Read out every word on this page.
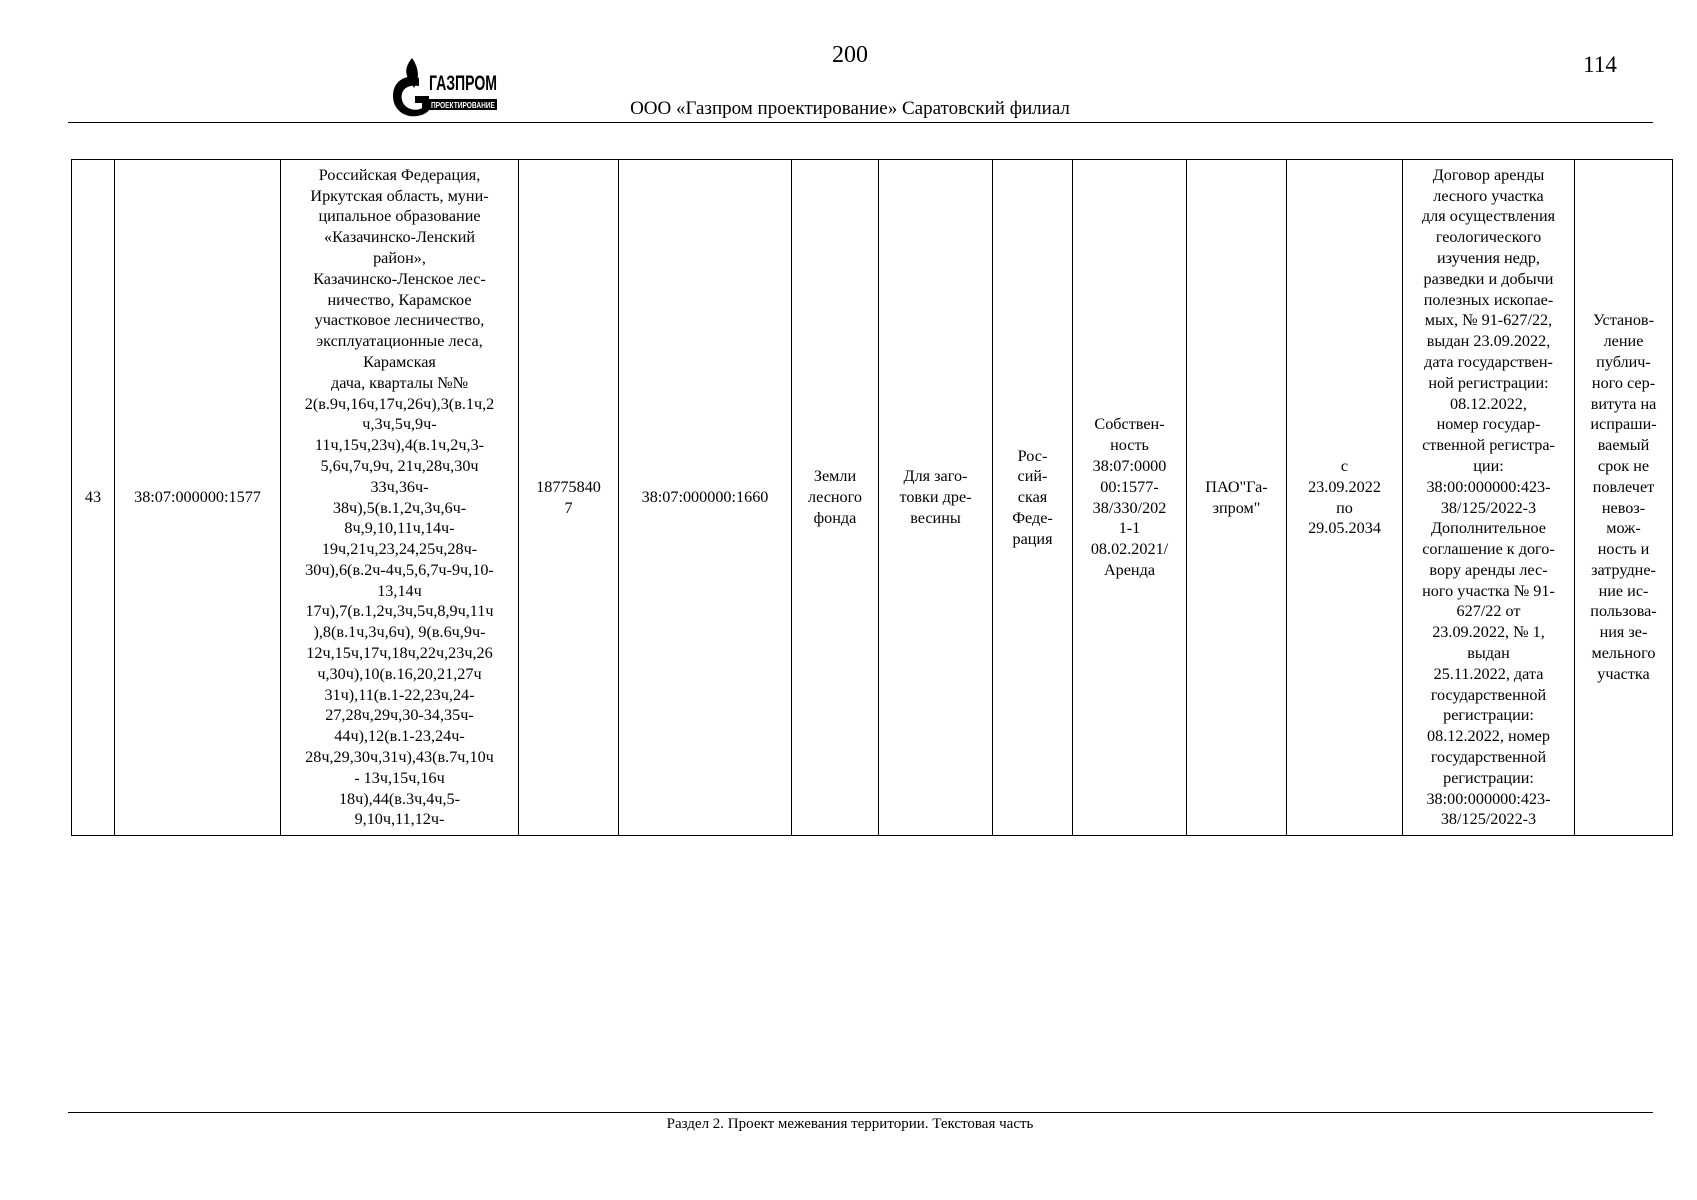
200	114
ГАЗПРОМ
ПРОЕКТИРОВАНИЕ	ООО «Газпром проектирование» Саратовский филиал
43	38:07:000000:1577	Российская Федерация,
Иркутская область, муни-
ципальное образование
«Казачинско-Ленский
район»,
Казачинско-Ленское лес-
ничество, Карамское
участковое лесничество,
эксплуатационные леса,
Карамская
дача, кварталы №№
2(в.9ч,16ч,17ч,26ч),3(в.1ч,2
ч,3ч,5ч,9ч-
11ч,15ч,23ч),4(в.1ч,2ч,3-
5,6ч,7ч,9ч, 21ч,28ч,30ч
33ч,36ч-
38ч),5(в.1,2ч,3ч,6ч-
8ч,9,10,11ч,14ч-
19ч,21ч,23,24,25ч,28ч-
30ч),6(в.2ч-4ч,5,6,7ч-9ч,10-
13,14ч
17ч),7(в.1,2ч,3ч,5ч,8,9ч,11ч
),8(в.1ч,3ч,6ч), 9(в.6ч,9ч-
12ч,15ч,17ч,18ч,22ч,23ч,26
ч,30ч),10(в.16,20,21,27ч
31ч),11(в.1-22,23ч,24-
27,28ч,29ч,30-34,35ч-
44ч),12(в.1-23,24ч-
28ч,29,30ч,31ч),43(в.7ч,10ч
- 13ч,15ч,16ч
18ч),44(в.3ч,4ч,5-
9,10ч,11,12ч-	18775840
7	38:07:000000:1660	Земли
лесного
фонда	Для заго-
товки дре-
весины	Рос-
сий-
ская
Феде-
рация	Собствен-
ность
38:07:0000
00:1577-
38/330/202
1-1
08.02.2021/
Аренда	ПАО"Га-
зпром"	с
23.09.2022
по
29.05.2034	Договор аренды
лесного участка
для осуществления
геологического
изучения недр,
разведки и добычи
полезных ископае-
мых, № 91-627/22,
выдан 23.09.2022,
дата государствен-
ной регистрации:
08.12.2022,
номер государ-
ственной регистра-
ции:
38:00:000000:423-
38/125/2022-3
Дополнительное
соглашение к дого-
вору аренды лес-
ного участка № 91-
627/22 от
23.09.2022, № 1,
выдан
25.11.2022, дата
государственной
регистрации:
08.12.2022, номер
государственной
регистрации:
38:00:000000:423-
38/125/2022-3	Установ-
ление
публич-
ного сер-
витута на
испраши-
ваемый
срок не
повлечет
невоз-
мож-
ность и
затрудне-
ние ис-
пользова-
ния зе-
мельного
участка
Раздел 2. Проект межевания территории. Текстовая часть
